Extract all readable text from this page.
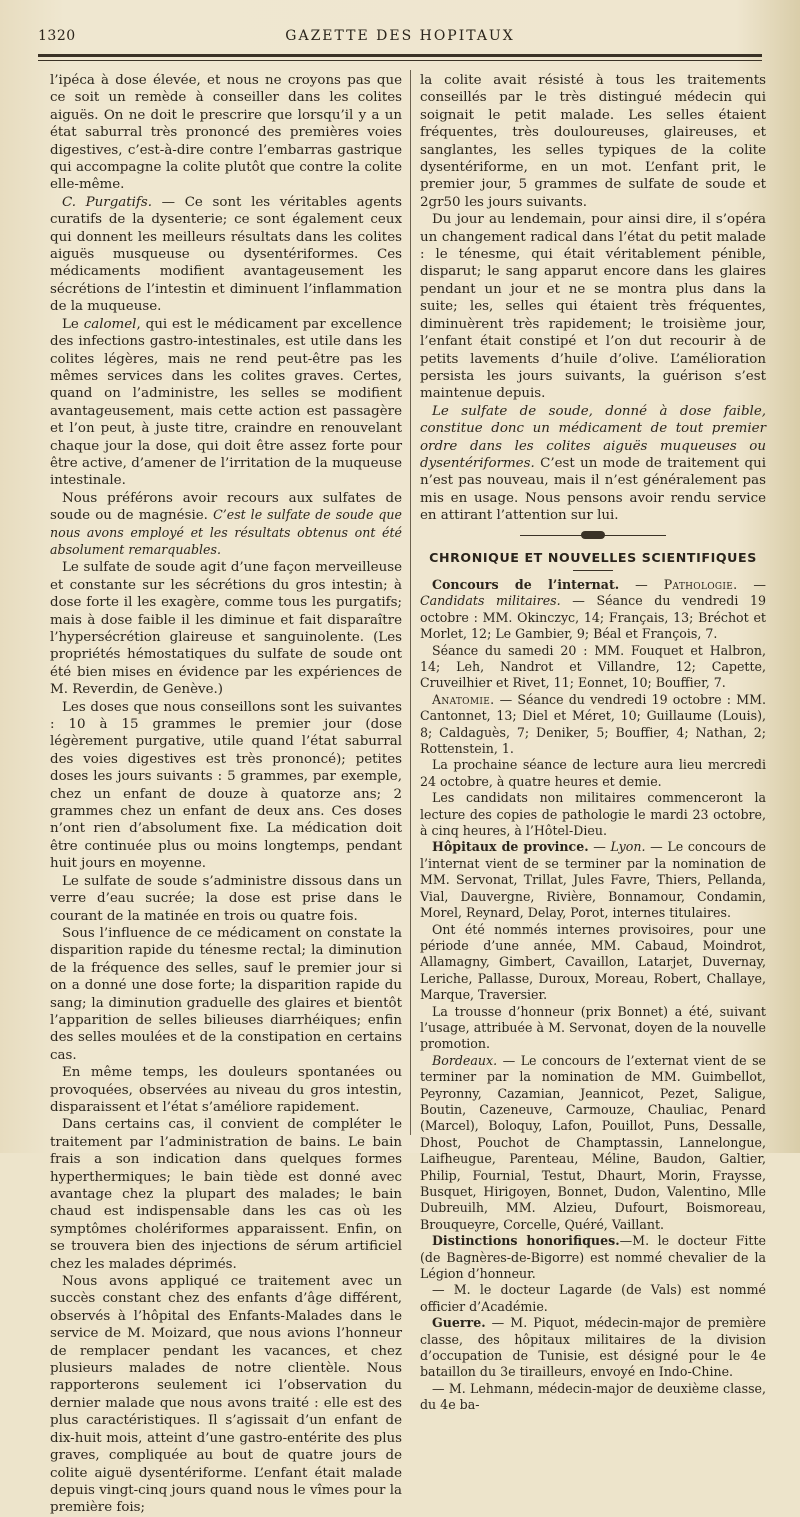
1320	GAZETTE DES HOPITAUX

l’ipéca à dose élevée, et nous ne croyons pas que ce soit un remède à conseiller dans les colites aiguës. On ne doit le prescrire que lorsqu’il y a un état saburral très prononcé des premières voies digestives, c’est-à-dire contre l’embarras gastrique qui accompagne la colite plutôt que contre la colite elle-même.

C. Purgatifs. — Ce sont les véritables agents curatifs de la dysenterie; ce sont également ceux qui donnent les meilleurs résultats dans les colites aiguës musqueuse ou dysentériformes. Ces médicaments modifient avantageusement les sécrétions de l’intestin et diminuent l’inflammation de la muqueuse.

Le calomel, qui est le médicament par excellence des infections gastro-intestinales, est utile dans les colites légères, mais ne rend peut-être pas les mêmes services dans les colites graves. Certes, quand on l’administre, les selles se modifient avantageusement, mais cette action est passagère et l’on peut, à juste titre, craindre en renouvelant chaque jour la dose, qui doit être assez forte pour être active, d’amener de l’irritation de la muqueuse intestinale.

Nous préférons avoir recours aux sulfates de soude ou de magnésie. C’est le sulfate de soude que nous avons employé et les résultats obtenus ont été absolument remarquables.

Le sulfate de soude agit d’une façon merveilleuse et constante sur les sécrétions du gros intestin; à dose forte il les exagère, comme tous les purgatifs; mais à dose faible il les diminue et fait disparaître l’hypersécrétion glaireuse et sanguinolente. (Les propriétés hémostatiques du sulfate de soude ont été bien mises en évidence par les expériences de M. Reverdin, de Genève.)

Les doses que nous conseillons sont les suivantes : 10 à 15 grammes le premier jour (dose légèrement purgative, utile quand l’état saburral des voies digestives est très prononcé); petites doses les jours suivants : 5 grammes, par exemple, chez un enfant de douze à quatorze ans; 2 grammes chez un enfant de deux ans. Ces doses n’ont rien d’absolument fixe. La médication doit être continuée plus ou moins longtemps, pendant huit jours en moyenne.

Le sulfate de soude s’administre dissous dans un verre d’eau sucrée; la dose est prise dans le courant de la matinée en trois ou quatre fois.

Sous l’influence de ce médicament on constate la disparition rapide du ténesme rectal; la diminution de la fréquence des selles, sauf le premier jour si on a donné une dose forte; la disparition rapide du sang; la diminution graduelle des glaires et bientôt l’apparition de selles bilieuses diarrhéiques; enfin des selles moulées et de la constipation en certains cas.

En même temps, les douleurs spontanées ou provoquées, observées au niveau du gros intestin, disparaissent et l’état s’améliore rapidement.

Dans certains cas, il convient de compléter le traitement par l’administration de bains. Le bain frais a son indication dans quelques formes hyperthermiques; le bain tiède est donné avec avantage chez la plupart des malades; le bain chaud est indispensable dans les cas où les symptômes cholériformes apparaissent. Enfin, on se trouvera bien des injections de sérum artificiel chez les malades déprimés.

Nous avons appliqué ce traitement avec un succès constant chez des enfants d’âge différent, observés à l’hôpital des Enfants-Malades dans le service de M. Moizard, que nous avions l’honneur de remplacer pendant les vacances, et chez plusieurs malades de notre clientèle. Nous rapporterons seulement ici l’observation du dernier malade que nous avons traité : elle est des plus caractéristiques. Il s’agissait d’un enfant de dix-huit mois, atteint d’une gastro-entérite des plus graves, compliquée au bout de quatre jours de colite aiguë dysentériforme. L’enfant était malade depuis vingt-cinq jours quand nous le vîmes pour la première fois;

la colite avait résisté à tous les traitements conseillés par le très distingué médecin qui soignait le petit malade. Les selles étaient fréquentes, très douloureuses, glaireuses, et sanglantes, les selles typiques de la colite dysentériforme, en un mot. L’enfant prit, le premier jour, 5 grammes de sulfate de soude et 2gr50 les jours suivants.

Du jour au lendemain, pour ainsi dire, il s’opéra un changement radical dans l’état du petit malade : le ténesme, qui était véritablement pénible, disparut; le sang apparut encore dans les glaires pendant un jour et ne se montra plus dans la suite; les, selles qui étaient très fréquentes, diminuèrent très rapidement; le troisième jour, l’enfant était constipé et l’on dut recourir à de petits lavements d’huile d’olive. L’amélioration persista les jours suivants, la guérison s’est maintenue depuis.

Le sulfate de soude, donné à dose faible, constitue donc un médicament de tout premier ordre dans les colites aiguës muqueuses ou dysentériformes. C’est un mode de traitement qui n’est pas nouveau, mais il n’est généralement pas mis en usage. Nous pensons avoir rendu service en attirant l’attention sur lui.

CHRONIQUE ET NOUVELLES SCIENTIFIQUES

Concours de l’internat. — Pathologie. — Candidats militaires. — Séance du vendredi 19 octobre : MM. Okinczyc, 14; Français, 13; Bréchot et Morlet, 12; Le Gambier, 9; Béal et François, 7.

Séance du samedi 20 : MM. Fouquet et Halbron, 14; Leh, Nandrot et Villandre, 12; Capette, Cruveilhier et Rivet, 11; Eonnet, 10; Bouffier, 7.

Anatomie. — Séance du vendredi 19 octobre : MM. Cantonnet, 13; Diel et Méret, 10; Guillaume (Louis), 8; Caldaguès, 7; Deniker, 5; Bouffier, 4; Nathan, 2; Rottenstein, 1.

La prochaine séance de lecture aura lieu mercredi 24 octobre, à quatre heures et demie.

Les candidats non militaires commenceront la lecture des copies de pathologie le mardi 23 octobre, à cinq heures, à l’Hôtel-Dieu.

Hôpitaux de province. — Lyon. — Le concours de l’internat vient de se terminer par la nomination de MM. Servonat, Trillat, Jules Favre, Thiers, Pellanda, Vial, Dauvergne, Rivière, Bonnamour, Condamin, Morel, Reynard, Delay, Porot, internes titulaires.

Ont été nommés internes provisoires, pour une période d’une année, MM. Cabaud, Moindrot, Allamagny, Gimbert, Cavaillon, Latarjet, Duvernay, Leriche, Pallasse, Duroux, Moreau, Robert, Challaye, Marque, Traversier.

La trousse d’honneur (prix Bonnet) a été, suivant l’usage, attribuée à M. Servonat, doyen de la nouvelle promotion.

Bordeaux. — Le concours de l’externat vient de se terminer par la nomination de MM. Guimbellot, Peyronny, Cazamian, Jeannicot, Pezet, Saligue, Boutin, Cazeneuve, Carmouze, Chauliac, Penard (Marcel), Boloquy, Lafon, Pouillot, Puns, Dessalle, Dhost, Pouchot de Champtassin, Lannelongue, Laifheugue, Parenteau, Méline, Baudon, Galtier, Philip, Fournial, Testut, Dhaurt, Morin, Fraysse, Busquet, Hirigoyen, Bonnet, Dudon, Valentino, Mlle Dubreuilh, MM. Alzieu, Dufourt, Boismoreau, Brouqueyre, Corcelle, Quéré, Vaillant.

Distinctions honorifiques.—M. le docteur Fitte (de Bagnères-de-Bigorre) est nommé chevalier de la Légion d’honneur.

— M. le docteur Lagarde (de Vals) est nommé officier d’Académie.

Guerre. — M. Piquot, médecin-major de première classe, des hôpitaux militaires de la division d’occupation de Tunisie, est désigné pour le 4e bataillon du 3e tirailleurs, envoyé en Indo-Chine.

— M. Lehmann, médecin-major de deuxième classe, du 4e ba-
